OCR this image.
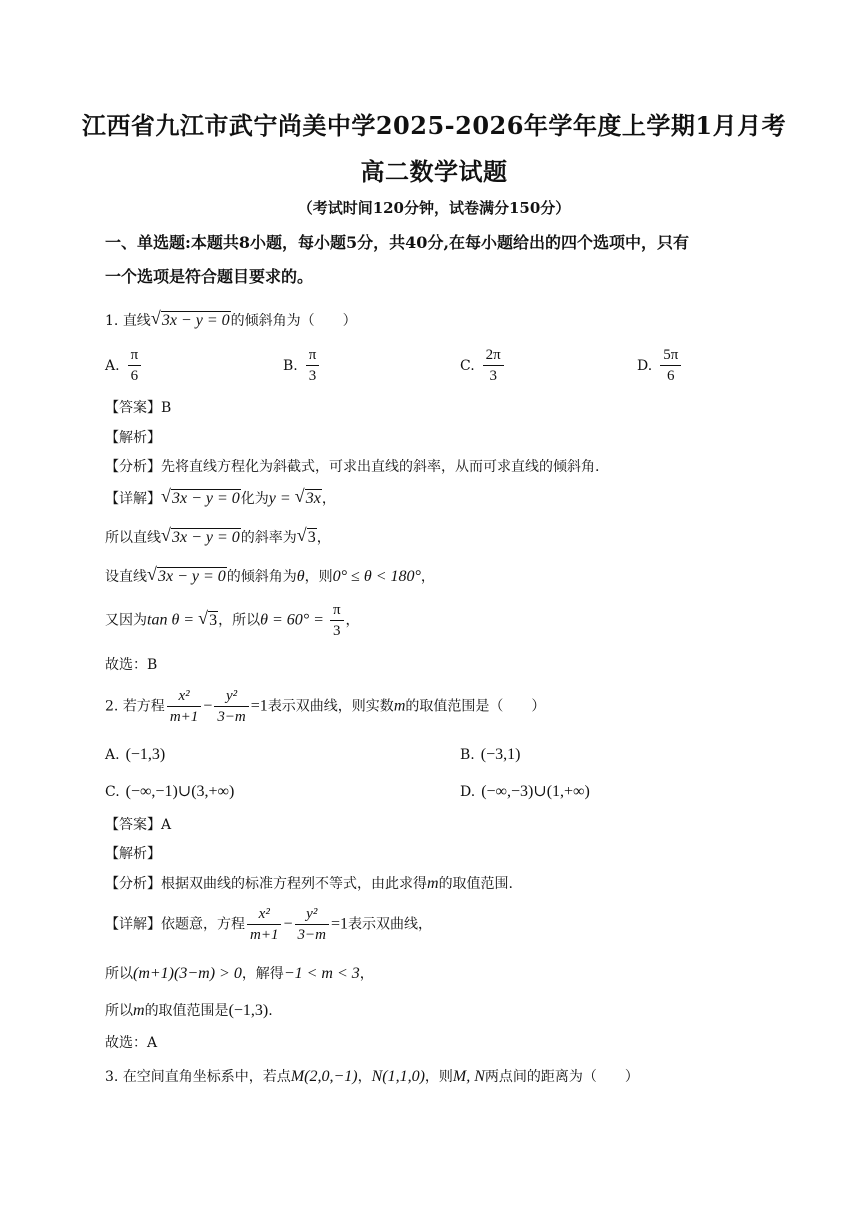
江西省九江市武宁尚美中学2025-2026年学年度上学期1月月考
高二数学试题
（考试时间120分钟，试卷满分150分）
一、单选题:本题共8小题，每小题5分，共40分,在每小题给出的四个选项中，只有
一个选项是符合题目要求的。
1. 直线 √ 3x − y = 0的倾斜角为（　　）
A. $\frac{\pi}{6}$	B. $\frac{\pi}{3}$	C. $\frac{2\pi}{3}$	D. $\frac{5\pi}{6}$
【答案】B
【解析】
【分析】先将直线方程化为斜截式，可求出直线的斜率，从而可求直线的倾斜角.
【详解】 √ 3x − y = 0化为y = √ 3x，
所以直线 √ 3x − y = 0的斜率为 √ 3，
设直线 √ 3x − y = 0的倾斜角为θ，则0° ≤ θ < 180°，
又因为tan θ = √ 3，所以$\theta = 60^\circ = \frac{\pi}{3}$ ，
故选：B
2. 若方程 $\frac{\text{x²}}{m+1} - \frac{\text{y²}}{3-m} =1$表示双曲线，则实数m的取值范围是（　　）
A. (−1,3)	B. (−3,1)
C. (−∞,−1)∪(3,+∞)	D. (−∞,−3)∪(1,+∞)
【答案】A
【解析】
【分析】根据双曲线的标准方程列不等式，由此求得m的取值范围.
【详解】依题意，方程 $\frac{\text{x²}}{m+1} - \frac{\text{y²}}{3-m} =1$表示双曲线，
所以(m+1)(3−m) > 0，解得−1 < m < 3，
所以m的取值范围是(−1,3).
故选：A
3. 在空间直角坐标系中，若点M(2,0,−1)，N(1,1,0)，则M, N两点间的距离为（　　）
